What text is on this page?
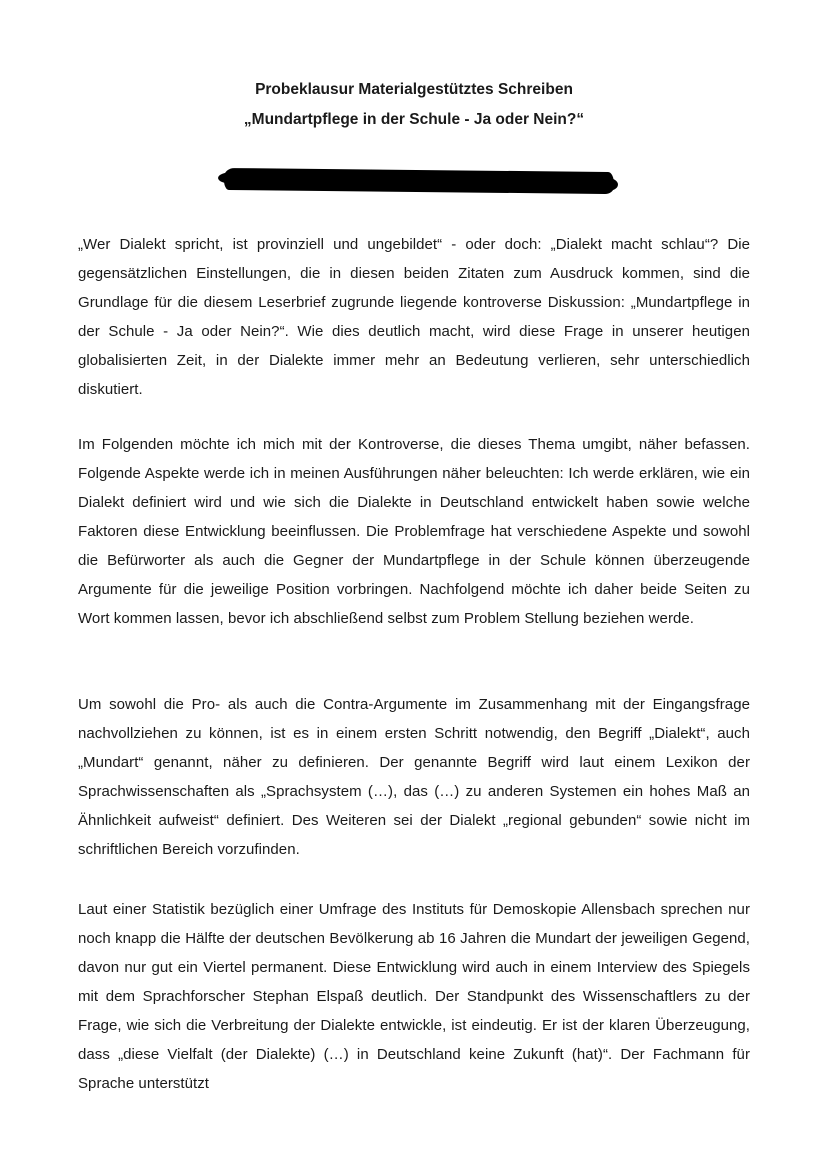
Probeklausur Materialgestütztes Schreiben
„Mundartpflege in der Schule - Ja oder Nein?“

„Wer Dialekt spricht, ist provinziell und ungebildet“ - oder doch: „Dialekt macht schlau“? Die gegensätzlichen Einstellungen, die in diesen beiden Zitaten zum Ausdruck kommen, sind die Grundlage für die diesem Leserbrief zugrunde liegende kontroverse Diskussion: „Mundartpflege in der Schule - Ja oder Nein?“. Wie dies deutlich macht, wird diese Frage in unserer heutigen globalisierten Zeit, in der Dialekte immer mehr an Bedeutung verlieren, sehr unterschiedlich diskutiert.

Im Folgenden möchte ich mich mit der Kontroverse, die dieses Thema umgibt, näher befassen. Folgende Aspekte werde ich in meinen Ausführungen näher beleuchten: Ich werde erklären, wie ein Dialekt definiert wird und wie sich die Dialekte in Deutschland entwickelt haben sowie welche Faktoren diese Entwicklung beeinflussen. Die Problemfrage hat verschiedene Aspekte und sowohl die Befürworter als auch die Gegner der Mundartpflege in der Schule können überzeugende Argumente für die jeweilige Position vorbringen. Nachfolgend möchte ich daher beide Seiten zu Wort kommen lassen, bevor ich abschließend selbst zum Problem Stellung beziehen werde.

Um sowohl die Pro- als auch die Contra-Argumente im Zusammenhang mit der Eingangsfrage nachvollziehen zu können, ist es in einem ersten Schritt notwendig, den Begriff „Dialekt“, auch „Mundart“ genannt, näher zu definieren. Der genannte Begriff wird laut einem Lexikon der Sprachwissenschaften als „Sprachsystem (…), das (…) zu anderen Systemen ein hohes Maß an Ähnlichkeit aufweist“ definiert. Des Weiteren sei der Dialekt „regional gebunden“ sowie nicht im schriftlichen Bereich vorzufinden.

Laut einer Statistik bezüglich einer Umfrage des Instituts für Demoskopie Allensbach sprechen nur noch knapp die Hälfte der deutschen Bevölkerung ab 16 Jahren die Mundart der jeweiligen Gegend, davon nur gut ein Viertel permanent. Diese Entwicklung wird auch in einem Interview des Spiegels mit dem Sprachforscher Stephan Elspaß deutlich. Der Standpunkt des Wissenschaftlers zu der Frage, wie sich die Verbreitung der Dialekte entwickle, ist eindeutig. Er ist der klaren Überzeugung, dass „diese Vielfalt (der Dialekte) (…) in Deutschland keine Zukunft (hat)“. Der Fachmann für Sprache unterstützt
